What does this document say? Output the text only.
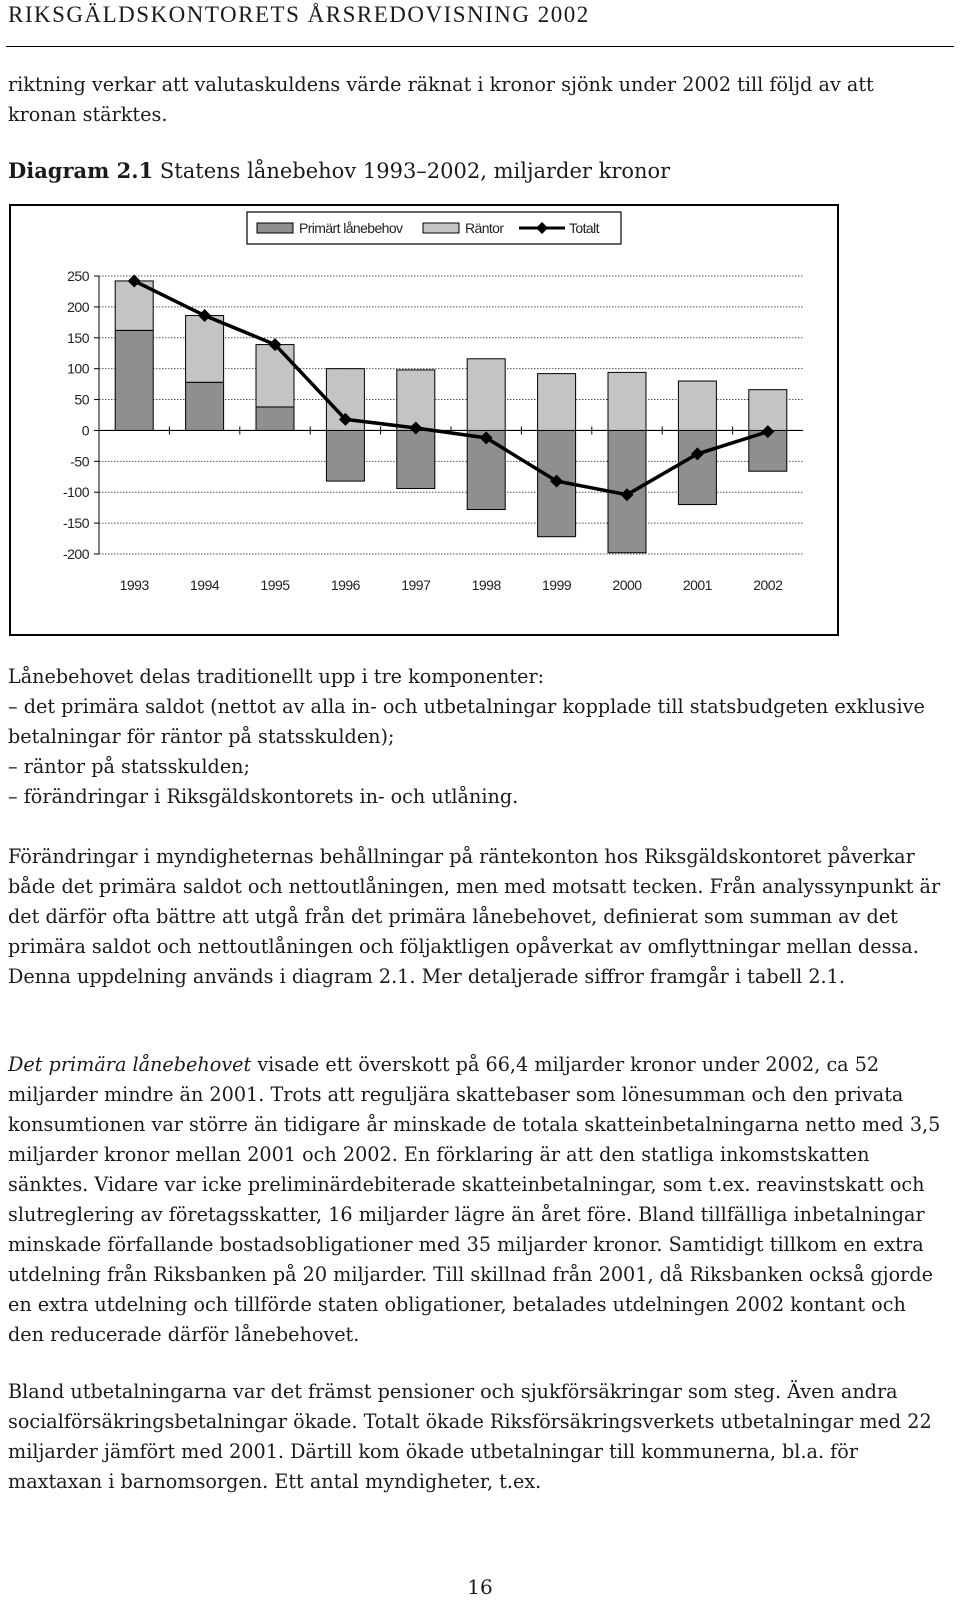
RIKSGÄLDSKONTORETS ÅRSREDOVISNING 2002

riktning verkar att valutaskuldens värde räknat i kronor sjönk under 2002 till följd av att kronan stärktes.

Diagram 2.1 Statens lånebehov 1993–2002, miljarder kronor
250
200
150
100
50
0
-50
-100
-150
-200
1993	1994	1995	1996	1997	1998	1999	2000	2001	2002
Primärt lånebehov	Räntor	Totalt

Lånebehovet delas traditionellt upp i tre komponenter:

– det primära saldot (nettot av alla in- och utbetalningar kopplade till statsbudgeten exklusive betalningar för räntor på statsskulden);
– räntor på statsskulden;
– förändringar i Riksgäldskontorets in- och utlåning.

Förändringar i myndigheternas behållningar på räntekonton hos Riksgäldskontoret påverkar både det primära saldot och nettoutlåningen, men med motsatt tecken. Från analyssynpunkt är det därför ofta bättre att utgå från det primära lånebehovet, definierat som summan av det primära saldot och nettoutlåningen och följaktligen opåverkat av omflyttningar mellan dessa. Denna uppdelning används i diagram 2.1. Mer detaljerade siffror framgår i tabell 2.1.

Det primära lånebehovet visade ett överskott på 66,4 miljarder kronor under 2002, ca 52 miljarder mindre än 2001. Trots att reguljära skattebaser som lönesumman och den privata konsumtionen var större än tidigare år minskade de totala skatteinbetalningarna netto med 3,5 miljarder kronor mellan 2001 och 2002. En förklaring är att den statliga inkomstskatten sänktes. Vidare var icke preliminärdebiterade skatteinbetalningar, som t.ex. reavinstskatt och slutreglering av företagsskatter, 16 miljarder lägre än året före. Bland tillfälliga inbetalningar minskade förfallande bostadsobligationer med 35 miljarder kronor. Samtidigt tillkom en extra utdelning från Riksbanken på 20 miljarder. Till skillnad från 2001, då Riksbanken också gjorde en extra utdelning och tillförde staten obligationer, betalades utdelningen 2002 kontant och den reducerade därför lånebehovet.

Bland utbetalningarna var det främst pensioner och sjukförsäkringar som steg. Även andra socialförsäkringsbetalningar ökade. Totalt ökade Riksförsäkringsverkets utbetalningar med 22 miljarder jämfört med 2001. Därtill kom ökade utbetalningar till kommunerna, bl.a. för maxtaxan i barnomsorgen. Ett antal myndigheter, t.ex.

16
